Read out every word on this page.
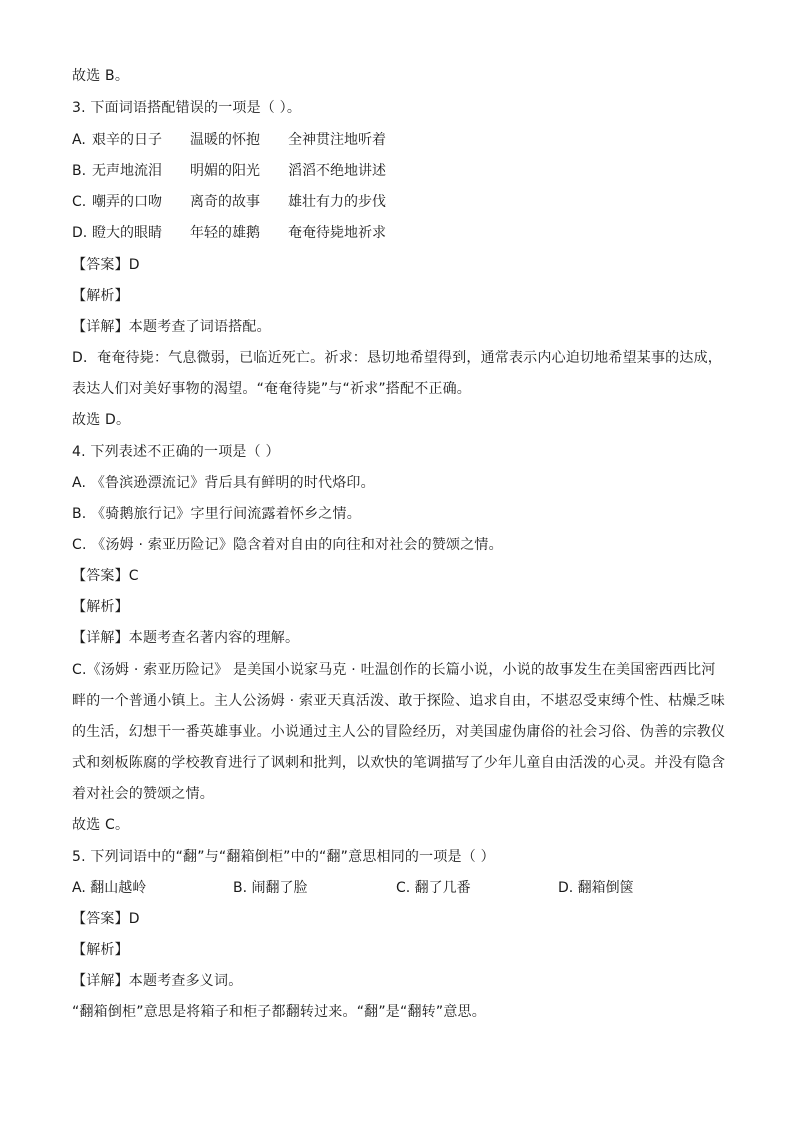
故选 B。
3. 下面词语搭配错误的一项是（ ）。
A. 艰辛的日子 温暖的怀抱 全神贯注地听着
B. 无声地流泪 明媚的阳光 滔滔不绝地讲述
C. 嘲弄的口吻 离奇的故事 雄壮有力的步伐
D. 瞪大的眼睛 年轻的雄鹅 奄奄待毙地祈求
【答案】D
【解析】
【详解】本题考查了词语搭配。
D．奄奄待毙：气息微弱，已临近死亡。祈求：恳切地希望得到，通常表示内心迫切地希望某事的达成，
表达人们对美好事物的渴望。“奄奄待毙”与“祈求”搭配不正确。
故选 D。
4. 下列表述不正确的一项是（ ）
A. 《鲁滨逊漂流记》背后具有鲜明的时代烙印。
B. 《骑鹅旅行记》字里行间流露着怀乡之情。
C. 《汤姆 · 索亚历险记》隐含着对自由的向往和对社会的赞颂之情。
【答案】C
【解析】
【详解】本题考查名著内容的理解。
C.《汤姆 · 索亚历险记》 是美国小说家马克 · 吐温创作的长篇小说，小说的故事发生在美国密西西比河
畔的一个普通小镇上。主人公汤姆 · 索亚天真活泼、敢于探险、追求自由，不堪忍受束缚个性、枯燥乏味
的生活，幻想干一番英雄事业。小说通过主人公的冒险经历，对美国虚伪庸俗的社会习俗、伪善的宗教仪
式和刻板陈腐的学校教育进行了讽刺和批判，以欢快的笔调描写了少年儿童自由活泼的心灵。并没有隐含
着对社会的赞颂之情。
故选 C。
5. 下列词语中的“翻”与“翻箱倒柜”中的“翻”意思相同的一项是（ ）
A. 翻山越岭	B. 闹翻了脸	C. 翻了几番	D. 翻箱倒箧
【答案】D
【解析】
【详解】本题考查多义词。
“翻箱倒柜”意思是将箱子和柜子都翻转过来。“翻”是“翻转”意思。
